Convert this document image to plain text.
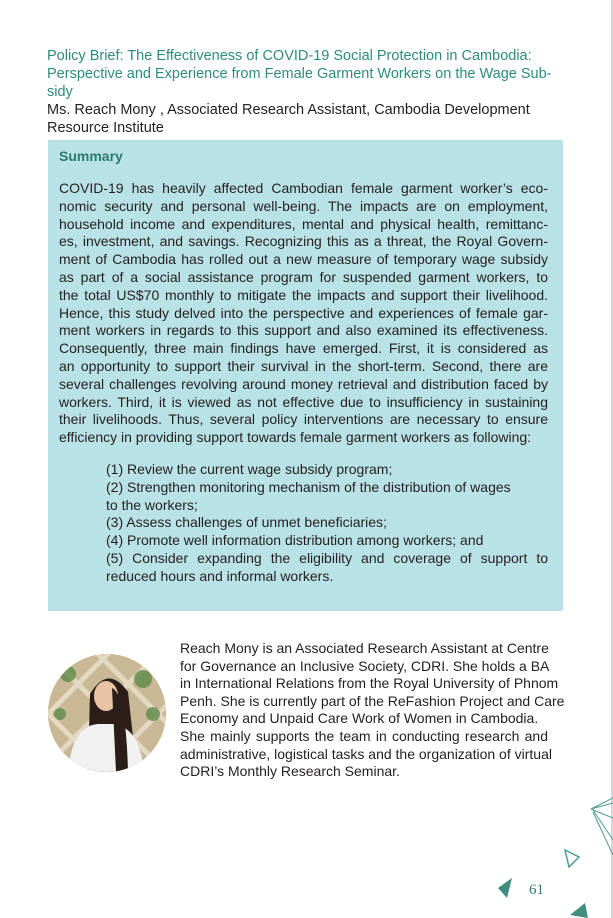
Policy Brief: The Effectiveness of COVID-19 Social Protection in Cambodia:
Perspective and Experience from Female Garment Workers on the Wage Sub-
sidy
Ms. Reach Mony , Associated Research Assistant, Cambodia Development
Resource Institute
Summary
COVID-19 has heavily affected Cambodian female garment worker’s eco-
nomic security and personal well-being. The impacts are on employment,
household income and expenditures, mental and physical health, remittanc-
es, investment, and savings. Recognizing this as a threat, the Royal Govern-
ment of Cambodia has rolled out a new measure of temporary wage subsidy
as part of a social assistance program for suspended garment workers, to
the total US$70 monthly to mitigate the impacts and support their livelihood.
Hence, this study delved into the perspective and experiences of female gar-
ment workers in regards to this support and also examined its effectiveness.
Consequently, three main findings have emerged. First, it is considered as
an opportunity to support their survival in the short-term. Second, there are
several challenges revolving around money retrieval and distribution faced by
workers. Third, it is viewed as not effective due to insufficiency in sustaining
their livelihoods. Thus, several policy interventions are necessary to ensure
efficiency in providing support towards female garment workers as following:
(1) Review the current wage subsidy program;
(2) Strengthen monitoring mechanism of the distribution of wages
to the workers;
(3) Assess challenges of unmet beneficiaries;
(4) Promote well information distribution among workers; and
(5) Consider expanding the eligibility and coverage of support to
reduced hours and informal workers.
Reach Mony is an Associated Research Assistant at Centre
for Governance an Inclusive Society, CDRI. She holds a BA
in International Relations from the Royal University of Phnom
Penh. She is currently part of the ReFashion Project and Care
Economy and Unpaid Care Work of Women in Cambodia.
She mainly supports the team in conducting research and
administrative, logistical tasks and the organization of virtual
CDRI’s Monthly Research Seminar.
61
